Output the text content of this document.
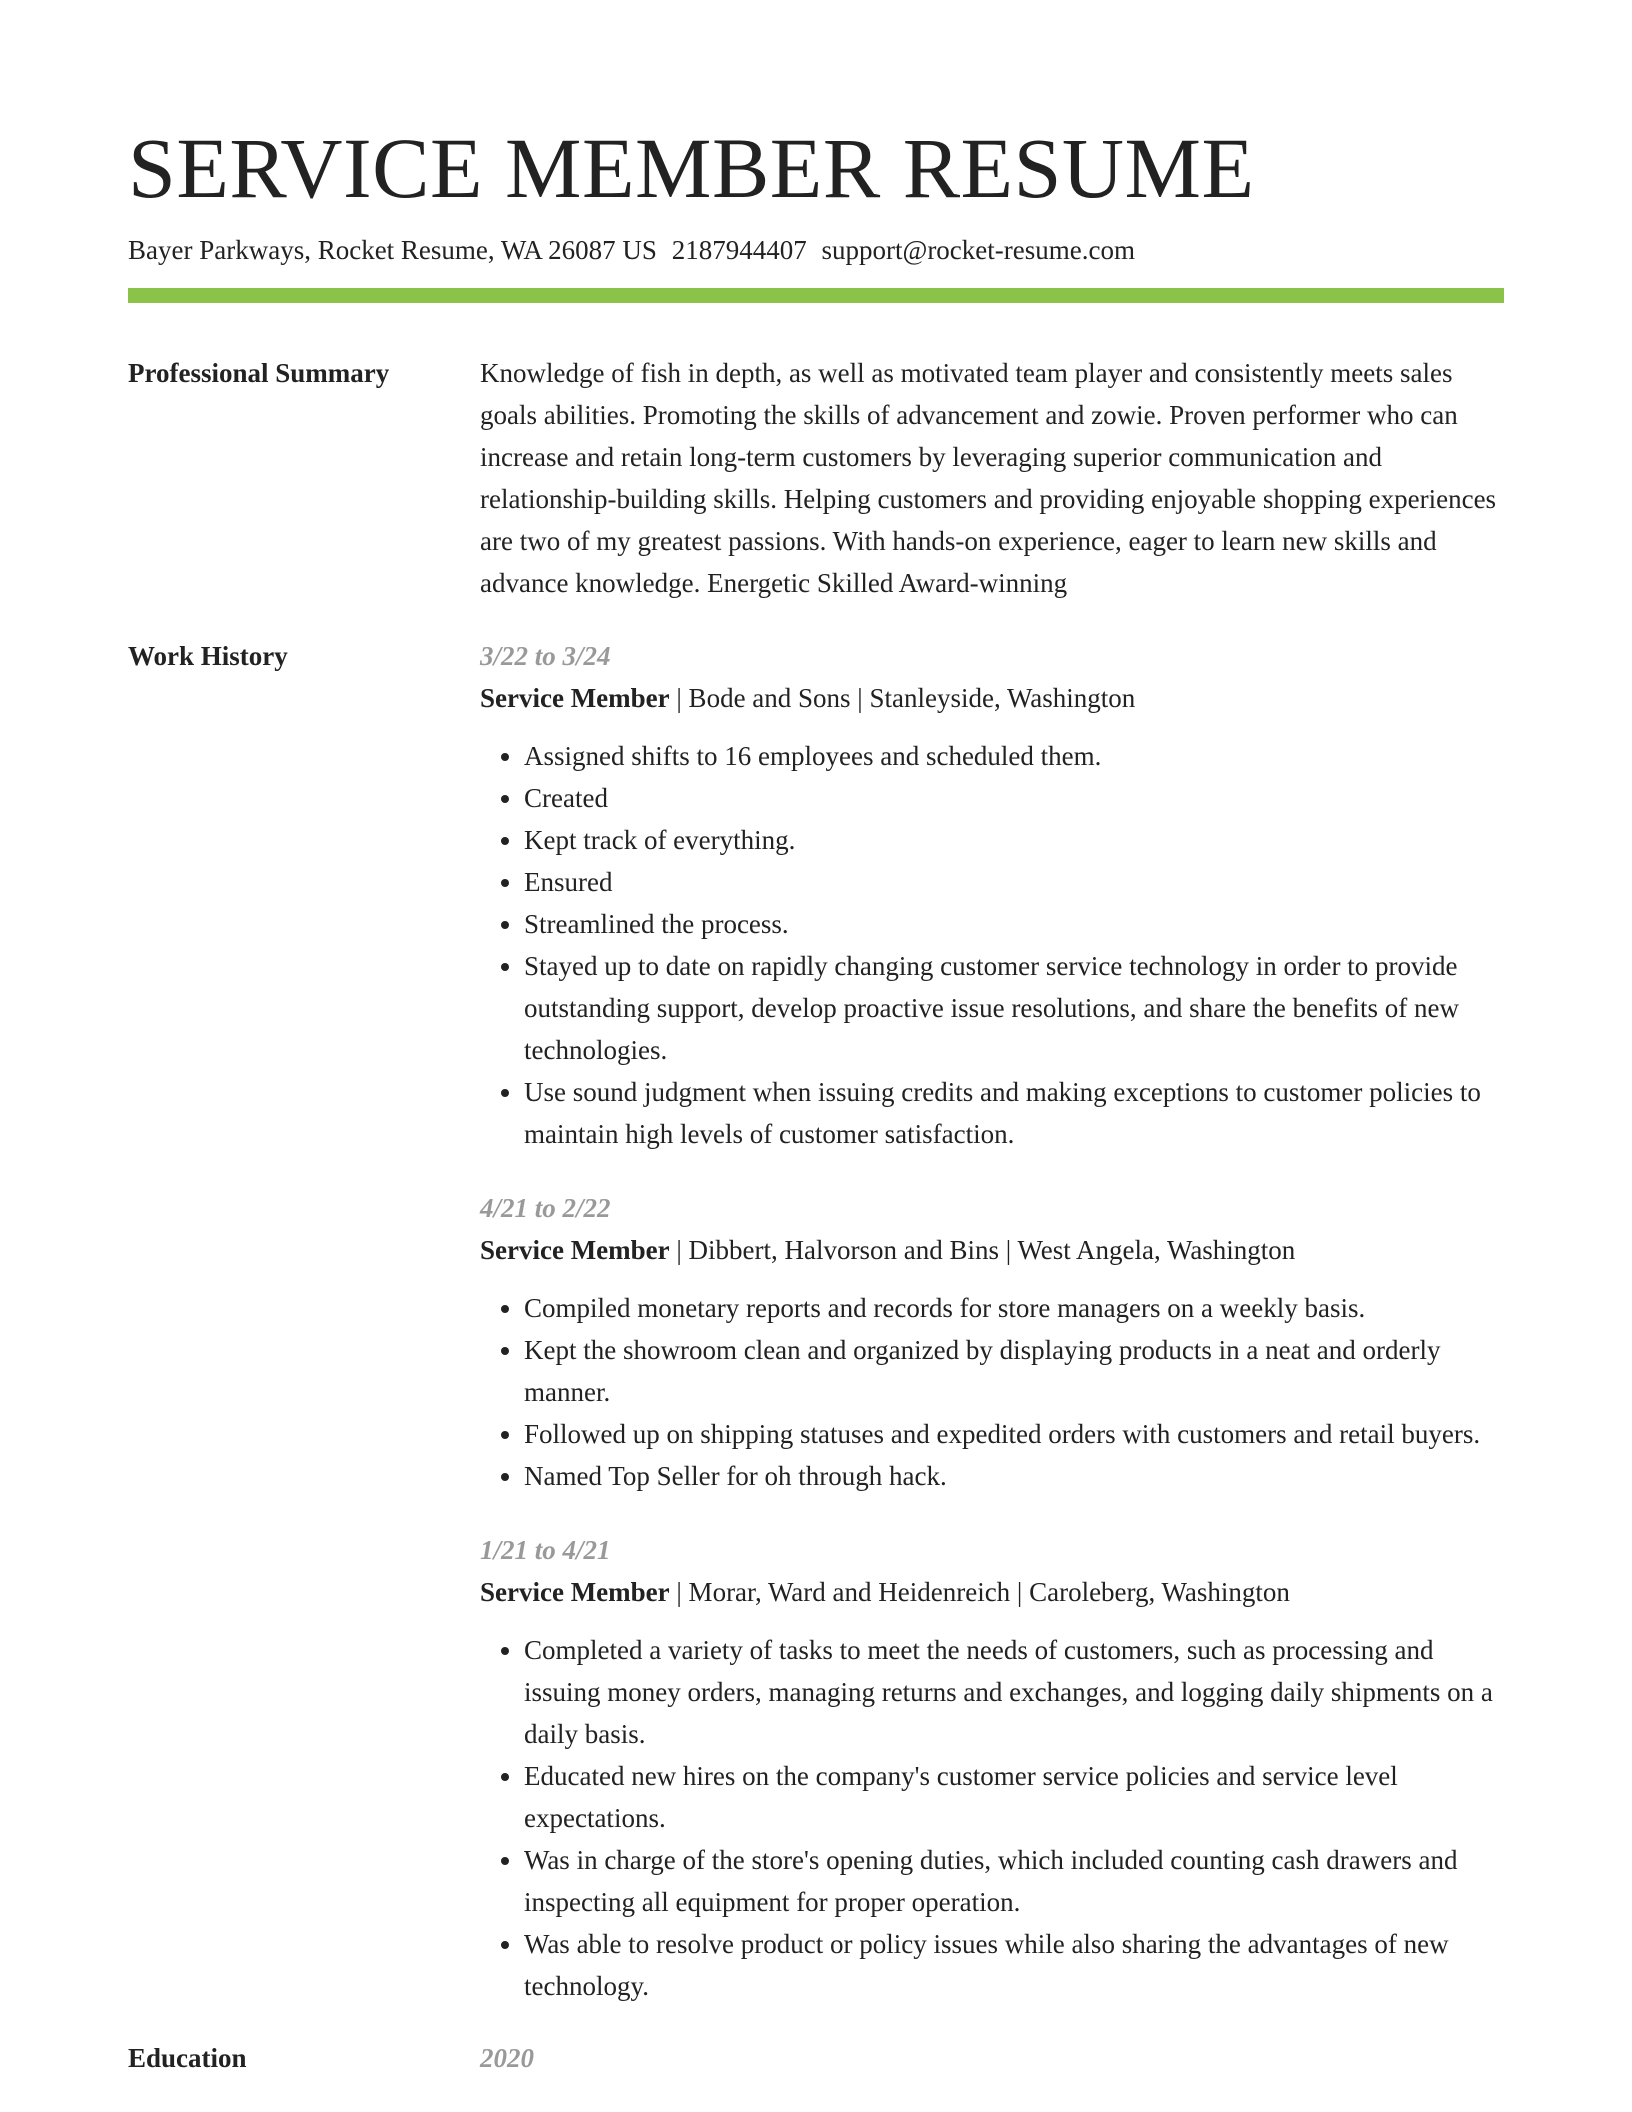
SERVICE MEMBER RESUME
Bayer Parkways, Rocket Resume, WA 26087 US 2187944407 support@rocket-resume.com
Professional Summary	Knowledge of fish in depth, as well as motivated team player and consistently meets sales goals abilities. Promoting the skills of advancement and zowie. Proven performer who can increase and retain long-term customers by leveraging superior communication and relationship-building skills. Helping customers and providing enjoyable shopping experiences are two of my greatest passions. With hands-on experience, eager to learn new skills and advance knowledge. Energetic Skilled Award-winning
Work History	3/22 to 3/24
Service Member | Bode and Sons | Stanleyside, Washington
• Assigned shifts to 16 employees and scheduled them.
• Created
• Kept track of everything.
• Ensured
• Streamlined the process.
• Stayed up to date on rapidly changing customer service technology in order to provide outstanding support, develop proactive issue resolutions, and share the benefits of new technologies.
• Use sound judgment when issuing credits and making exceptions to customer policies to maintain high levels of customer satisfaction.
4/21 to 2/22
Service Member | Dibbert, Halvorson and Bins | West Angela, Washington
• Compiled monetary reports and records for store managers on a weekly basis.
• Kept the showroom clean and organized by displaying products in a neat and orderly manner.
• Followed up on shipping statuses and expedited orders with customers and retail buyers.
• Named Top Seller for oh through hack.
1/21 to 4/21
Service Member | Morar, Ward and Heidenreich | Caroleberg, Washington
• Completed a variety of tasks to meet the needs of customers, such as processing and issuing money orders, managing returns and exchanges, and logging daily shipments on a daily basis.
• Educated new hires on the company's customer service policies and service level expectations.
• Was in charge of the store's opening duties, which included counting cash drawers and inspecting all equipment for proper operation.
• Was able to resolve product or policy issues while also sharing the advantages of new technology.
Education	2020
